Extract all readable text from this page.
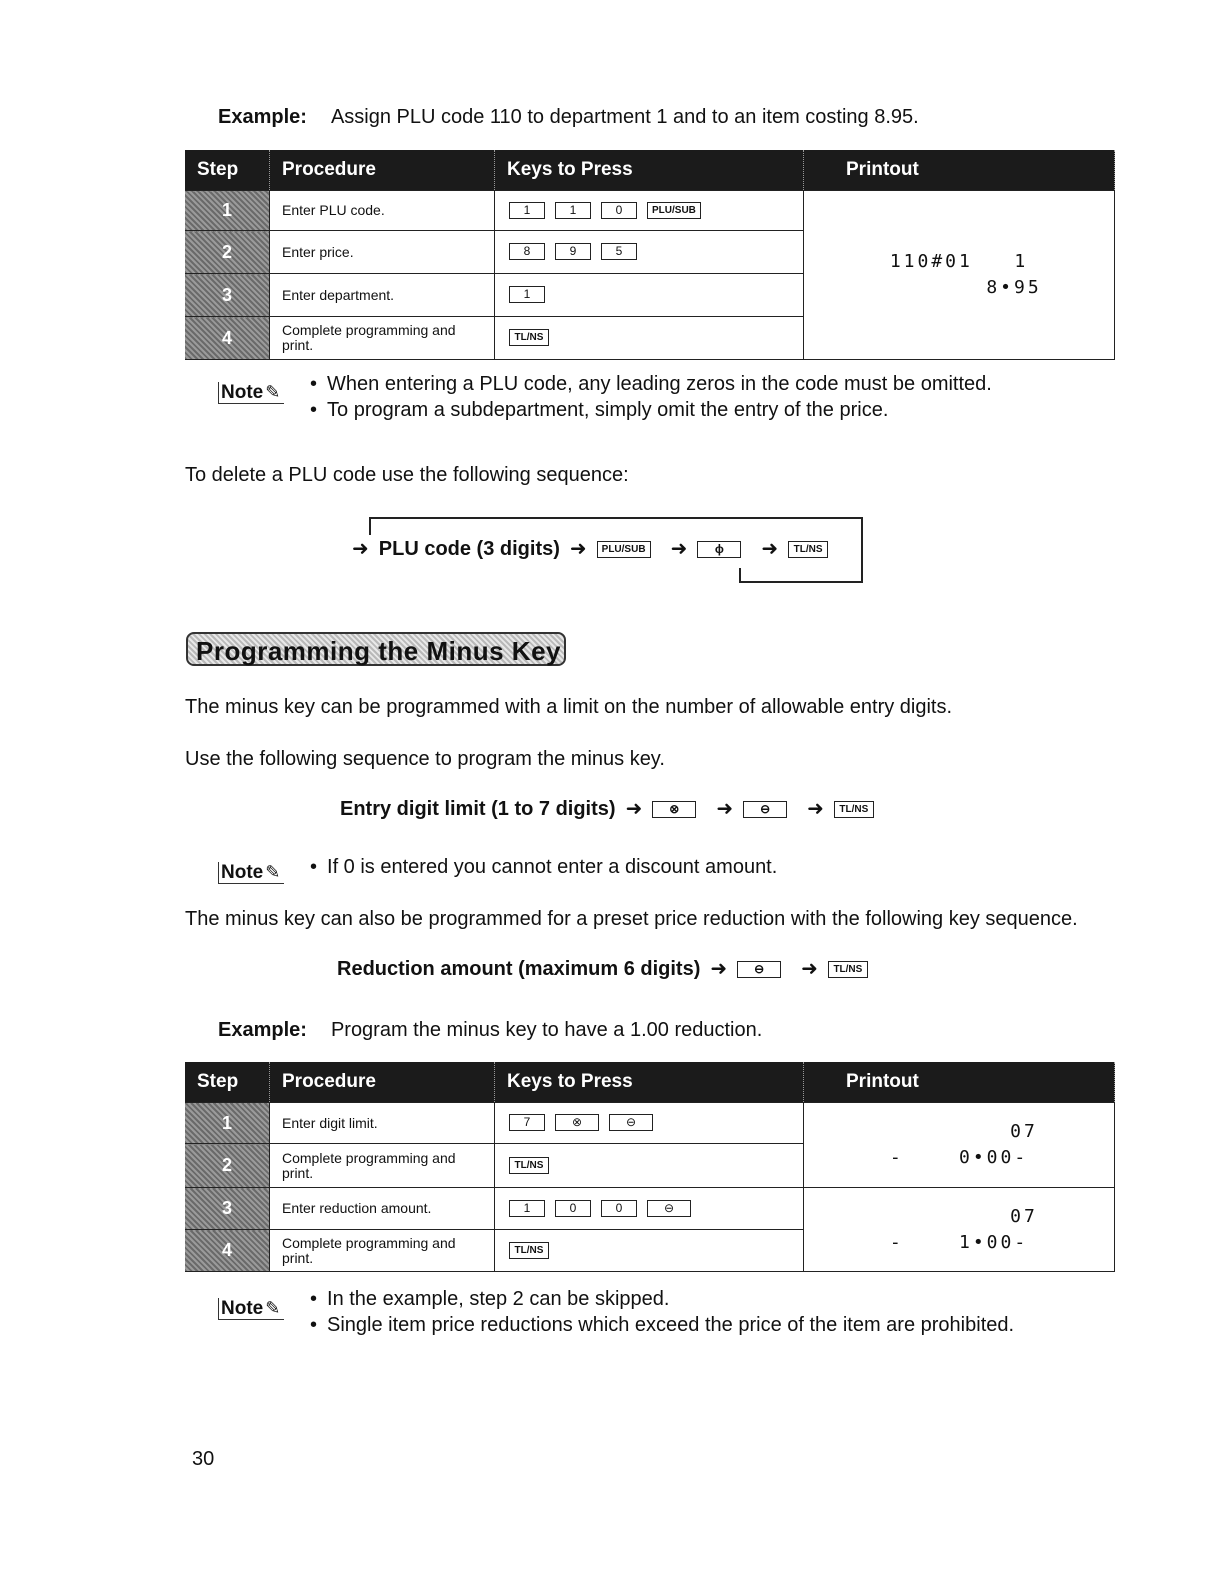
Example: Assign PLU code 110 to department 1 and to an item costing 8.95.
Step	Procedure	Keys to Press	Printout
1	Enter PLU code.	1 1 0 PLU/SUB	110#01   1
8•95

2	Enter price.	8 9 5	
3	Enter department.	1	
4	Complete programming and print.	TL/NS	
Note ✎	• When entering a PLU code, any leading zeros in the code must be omitted.
• To program a subdepartment, simply omit the entry of the price.
To delete a PLU code use the following sequence:
➜ PLU code (3 digits) ➜ PLU/SUB ➜ ɸ ➜ TL/NS
Programming the Minus Key
The minus key can be programmed with a limit on the number of allowable entry digits.
Use the following sequence to program the minus key.
Entry digit limit (1 to 7 digits) ➜ ⊗ ➜ ⊖ ➜ TL/NS
Note ✎	• If 0 is entered you cannot enter a discount amount.
The minus key can also be programmed for a preset price reduction with the following key sequence.
Reduction amount (maximum 6 digits) ➜ ⊖ ➜ TL/NS
Example: Program the minus key to have a 1.00 reduction.
Step	Procedure	Keys to Press	Printout
1	Enter digit limit.	7 ⊗ ⊖	07
-    0•00-

2	Complete programming and print.	TL/NS	
3	Enter reduction amount.	1 0 0 ⊖	07
-    1•00-

4	Complete programming and print.	TL/NS	
Note ✎	• In the example, step 2 can be skipped.
• Single item price reductions which exceed the price of the item are prohibited.
30
